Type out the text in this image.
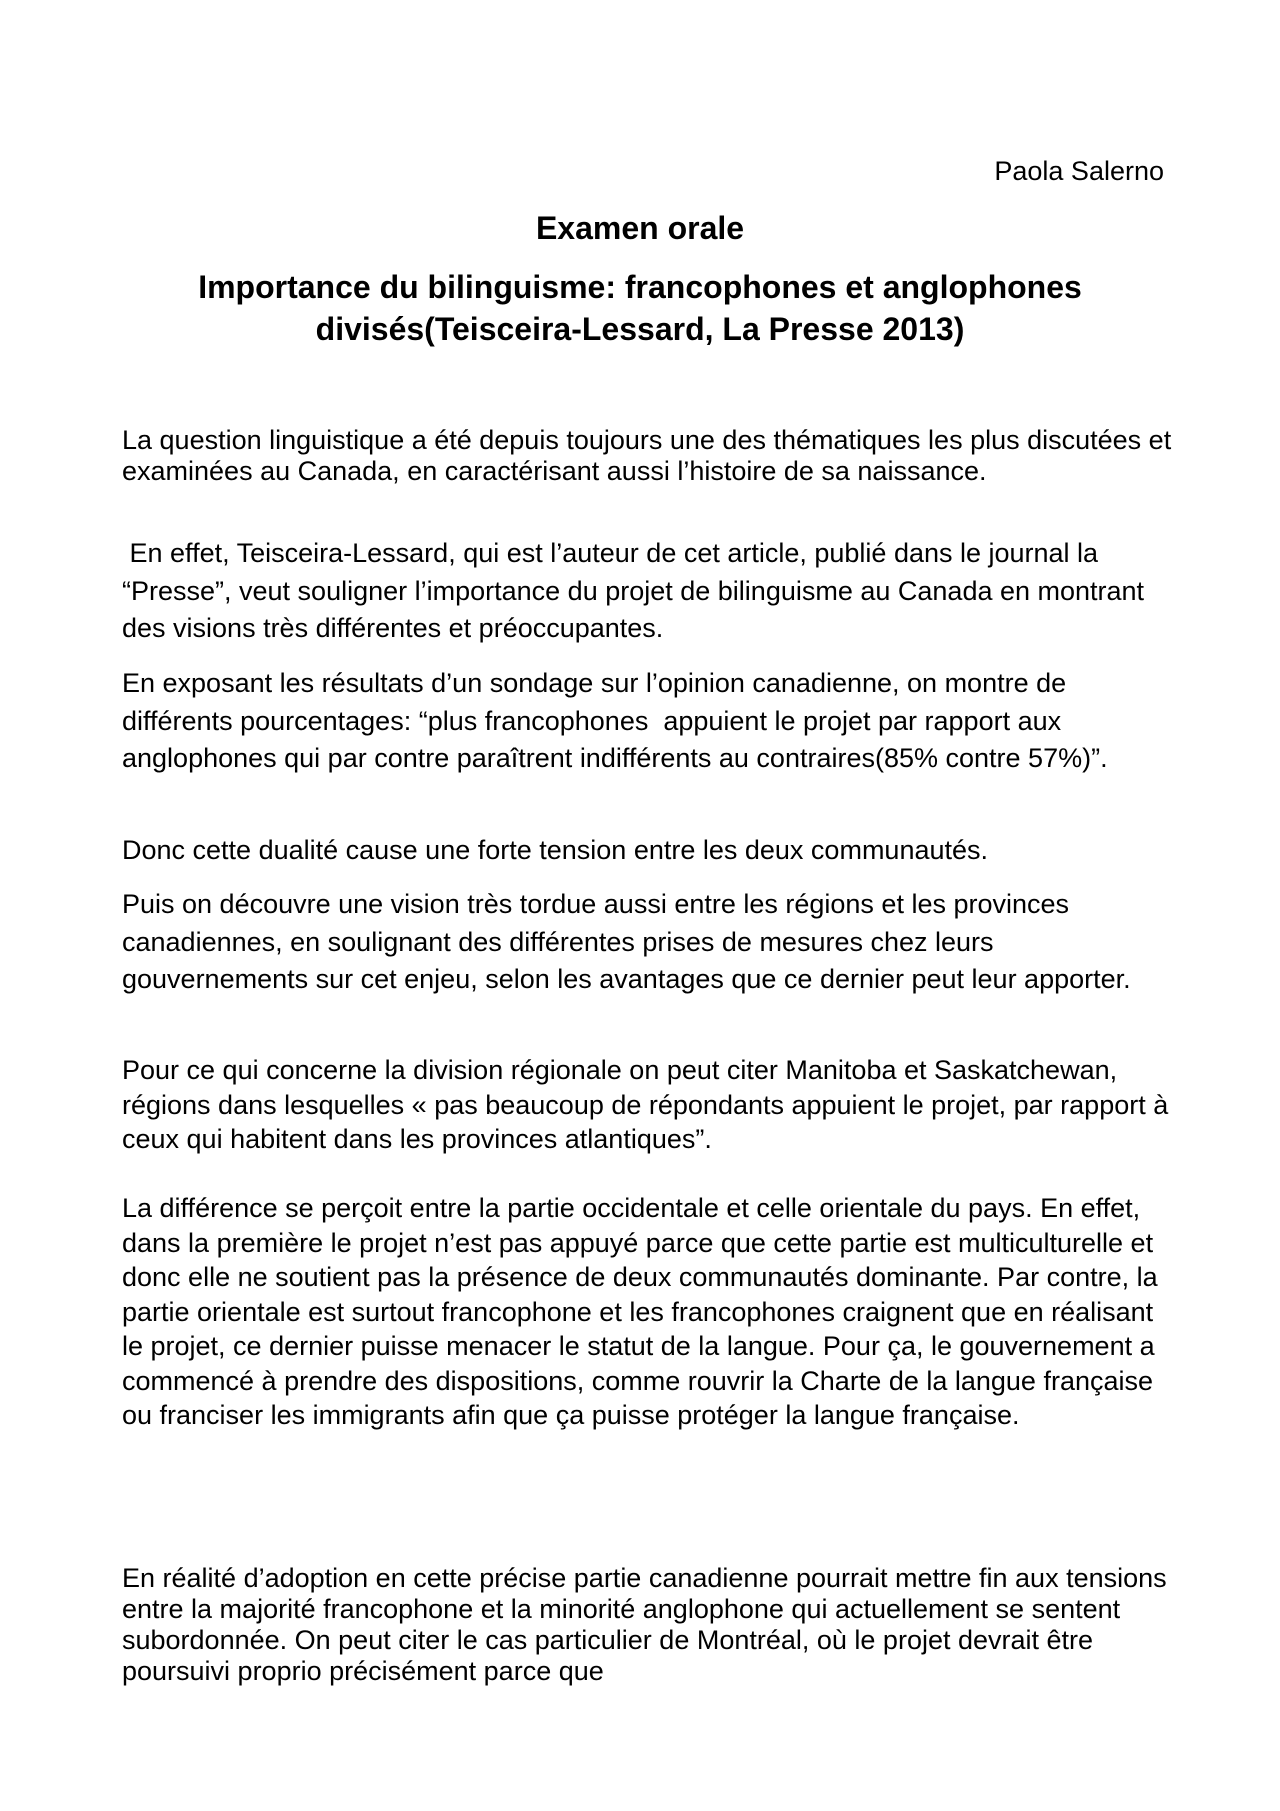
Paola Salerno
Examen orale
Importance du bilinguisme: francophones et anglophones
divisés(Teisceira-Lessard, La Presse 2013)

La question linguistique a été depuis toujours une des thématiques les plus discutées et examinées au Canada, en caractérisant aussi l’histoire de sa naissance.

En effet, Teisceira-Lessard, qui est l’auteur de cet article, publié dans le journal la “Presse”, veut souligner l’importance du projet de bilinguisme au Canada en montrant des visions très différentes et préoccupantes.

En exposant les résultats d’un sondage sur l’opinion canadienne, on montre de différents pourcentages: “plus francophones  appuient le projet par rapport aux anglophones qui par contre paraîtrent indifférents au contraires(85% contre 57%)”.

Donc cette dualité cause une forte tension entre les deux communautés.

Puis on découvre une vision très tordue aussi entre les régions et les provinces canadiennes, en soulignant des différentes prises de mesures chez leurs gouvernements sur cet enjeu, selon les avantages que ce dernier peut leur apporter.

Pour ce qui concerne la division régionale on peut citer Manitoba et Saskatchewan, régions dans lesquelles « pas beaucoup de répondants appuient le projet, par rapport à ceux qui habitent dans les provinces atlantiques”.

La différence se perçoit entre la partie occidentale et celle orientale du pays. En effet, dans la première le projet n’est pas appuyé parce que cette partie est multiculturelle et donc elle ne soutient pas la présence de deux communautés dominante. Par contre, la partie orientale est surtout francophone et les francophones craignent que en réalisant le projet, ce dernier puisse menacer le statut de la langue. Pour ça, le gouvernement a commencé à prendre des dispositions, comme rouvrir la Charte de la langue française ou franciser les immigrants afin que ça puisse protéger la langue française.

En réalité d’adoption en cette précise partie canadienne pourrait mettre fin aux tensions entre la majorité francophone et la minorité anglophone qui actuellement se sentent subordonnée. On peut citer le cas particulier de Montréal, où le projet devrait être poursuivi proprio précisément parce que
